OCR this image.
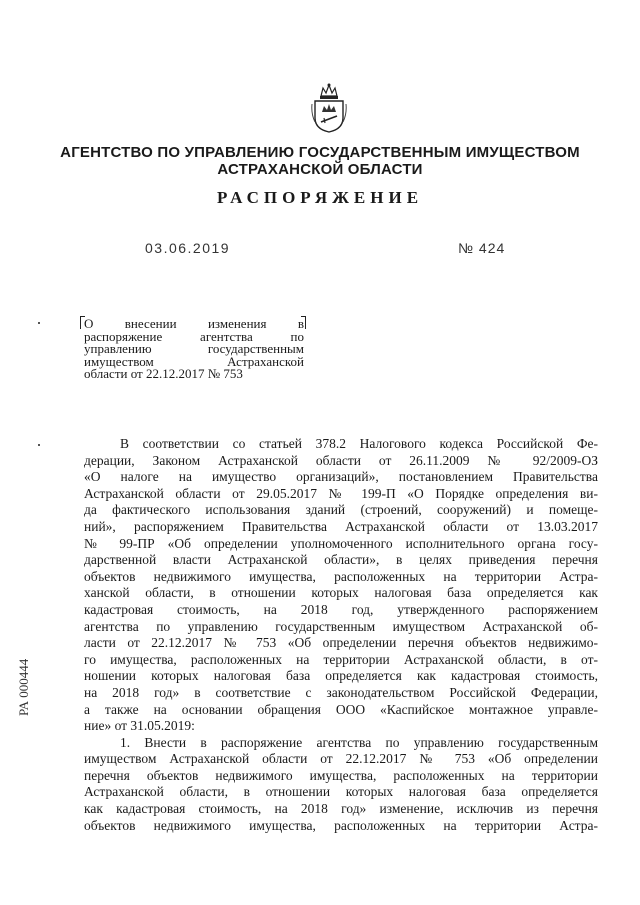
АГЕНТСТВО ПО УПРАВЛЕНИЮ ГОСУДАРСТВЕННЫМ ИМУЩЕСТВОМ
АСТРАХАНСКОЙ ОБЛАСТИ
РАСПОРЯЖЕНИЕ
03.06.2019	№ 424
О внесении изменения в
распоряжение агентства по
управлению государственным
имуществом Астраханской
области от 22.12.2017 № 753
В соответствии со статьей 378.2 Налогового кодекса Российской Фе-
дерации, Законом Астраханской области от 26.11.2009 № 92/2009-ОЗ
«О налоге на имущество организаций», постановлением Правительства
Астраханской области от 29.05.2017 № 199-П «О Порядке определения ви-
да фактического использования зданий (строений, сооружений) и помеще-
ний», распоряжением Правительства Астраханской области от 13.03.2017
№ 99-ПР «Об определении уполномоченного исполнительного органа госу-
дарственной власти Астраханской области», в целях приведения перечня
объектов недвижимого имущества, расположенных на территории Астра-
ханской области, в отношении которых налоговая база определяется как
кадастровая стоимость, на 2018 год, утвержденного распоряжением
агентства по управлению государственным имуществом Астраханской об-
ласти от 22.12.2017 № 753 «Об определении перечня объектов недвижимо-
го имущества, расположенных на территории Астраханской области, в от-
ношении которых налоговая база определяется как кадастровая стоимость,
на 2018 год» в соответствие с законодательством Российской Федерации,
а также на основании обращения ООО «Каспийское монтажное управле-
ние» от 31.05.2019:
1. Внести в распоряжение агентства по управлению государственным
имуществом Астраханской области от 22.12.2017 № 753 «Об определении
перечня объектов недвижимого имущества, расположенных на территории
Астраханской области, в отношении которых налоговая база определяется
как кадастровая стоимость, на 2018 год» изменение, исключив из перечня
объектов недвижимого имущества, расположенных на территории Астра-
РА 000444
